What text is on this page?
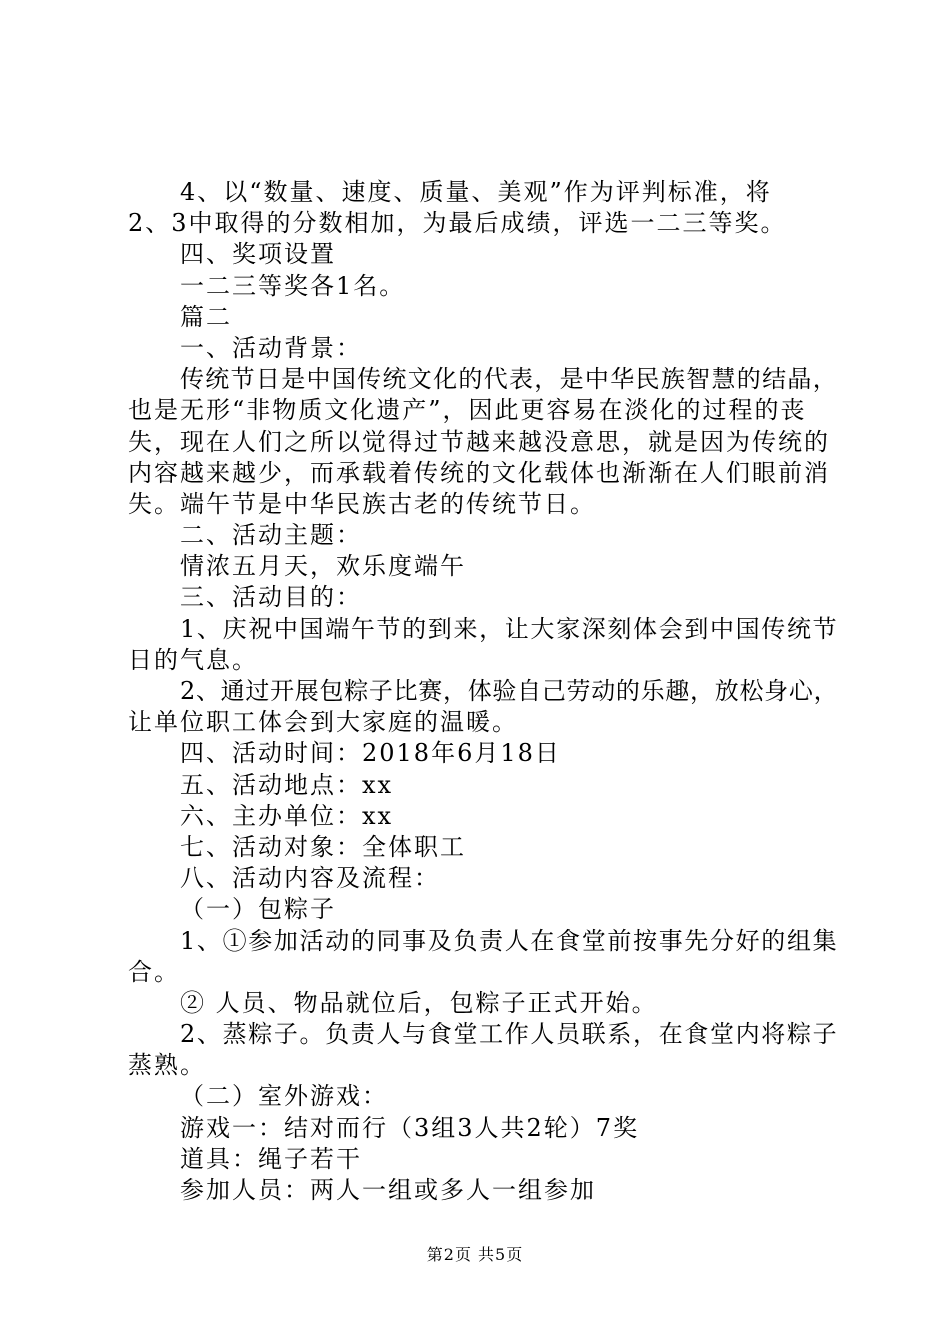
4、以“数量、速度、质量、美观”作为评判标准，将
2、3中取得的分数相加，为最后成绩，评选一二三等奖。
四、奖项设置
一二三等奖各1名。
篇二
一、活动背景：
传统节日是中国传统文化的代表，是中华民族智慧的结晶，
也是无形“非物质文化遗产”，因此更容易在淡化的过程的丧
失，现在人们之所以觉得过节越来越没意思，就是因为传统的
内容越来越少，而承载着传统的文化载体也渐渐在人们眼前消
失。端午节是中华民族古老的传统节日。
二、活动主题：
情浓五月天，欢乐度端午
三、活动目的：
1、庆祝中国端午节的到来，让大家深刻体会到中国传统节
日的气息。
2、通过开展包粽子比赛，体验自己劳动的乐趣，放松身心，
让单位职工体会到大家庭的温暖。
四、活动时间：2018年6月18日
五、活动地点：xx
六、主办单位：xx
七、活动对象：全体职工
八、活动内容及流程：
（一）包粽子
1、①参加活动的同事及负责人在食堂前按事先分好的组集
合。
② 人员、物品就位后，包粽子正式开始。
2、蒸粽子。负责人与食堂工作人员联系，在食堂内将粽子
蒸熟。
（二）室外游戏：
游戏一：结对而行（3组3人共2轮）7奖
道具：绳子若干
参加人员：两人一组或多人一组参加
第2页 共5页
